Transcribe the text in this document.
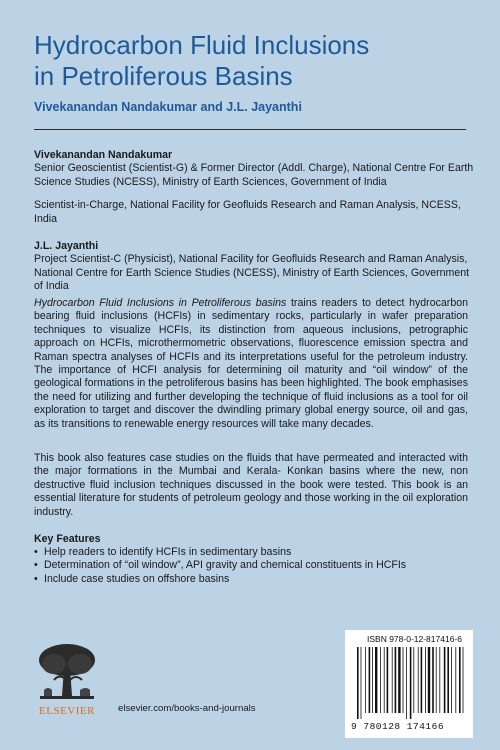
Hydrocarbon Fluid Inclusions
in Petroliferous Basins
Vivekanandan Nandakumar and J.L. Jayanthi
Vivekanandan Nandakumar

Senior Geoscientist (Scientist-G) & Former Director (Addl. Charge), National Centre For Earth Science Studies (NCESS), Ministry of Earth Sciences, Government of India

Scientist-in-Charge, National Facility for Geofluids Research and Raman Analysis, NCESS, India

J.L. Jayanthi

Project Scientist-C (Physicist), National Facility for Geofluids Research and Raman Analysis, National Centre for Earth Science Studies (NCESS), Ministry of Earth Sciences, Government of India

Hydrocarbon Fluid Inclusions in Petroliferous basins trains readers to detect hydrocarbon bearing fluid inclusions (HCFIs) in sedimentary rocks, particularly in wafer preparation techniques to visualize HCFIs, its distinction from aqueous inclusions, petrographic approach on HCFIs, microthermometric observations, fluorescence emission spectra and Raman spectra analyses of HCFIs and its interpretations useful for the petroleum industry. The importance of HCFI analysis for determining oil maturity and “oil window” of the geological formations in the petroliferous basins has been highlighted. The book emphasises the need for utilizing and further developing the technique of fluid inclusions as a tool for oil exploration to target and discover the dwindling primary global energy source, oil and gas, as its transitions to renewable energy resources will take many decades.

This book also features case studies on the fluids that have permeated and interacted with the major formations in the Mumbai and Kerala- Konkan basins where the new, non destructive fluid inclusion techniques discussed in the book were tested. This book is an essential literature for students of petroleum geology and those working in the oil exploration industry.

Key Features
• Help readers to identify HCFIs in sedimentary basins
• Determination of “oil window”, API gravity and chemical constituents in HCFIs
• Include case studies on offshore basins
ELSEVIER	elsevier.com/books-and-journals
ISBN 978-0-12-817416-6
9 780128 174166
